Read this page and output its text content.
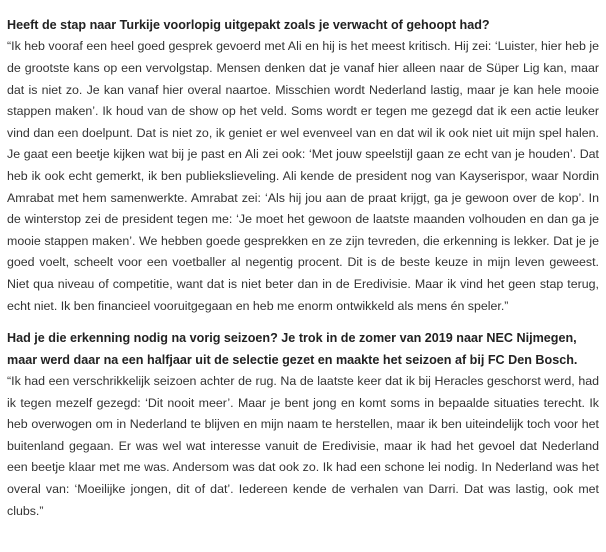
Heeft de stap naar Turkije voorlopig uitgepakt zoals je verwacht of gehoopt had?

“Ik heb vooraf een heel goed gesprek gevoerd met Ali en hij is het meest kritisch. Hij zei: ‘Luister, hier heb je de grootste kans op een vervolgstap. Mensen denken dat je vanaf hier alleen naar de Süper Lig kan, maar dat is niet zo. Je kan vanaf hier overal naartoe. Misschien wordt Nederland lastig, maar je kan hele mooie stappen maken’. Ik houd van de show op het veld. Soms wordt er tegen me gezegd dat ik een actie leuker vind dan een doelpunt. Dat is niet zo, ik geniet er wel evenveel van en dat wil ik ook niet uit mijn spel halen. Je gaat een beetje kijken wat bij je past en Ali zei ook: ‘Met jouw speelstijl gaan ze echt van je houden’. Dat heb ik ook echt gemerkt, ik ben publiekslieveling. Ali kende de president nog van Kayserispor, waar Nordin Amrabat met hem samenwerkte. Amrabat zei: ‘Als hij jou aan de praat krijgt, ga je gewoon over de kop’. In de winterstop zei de president tegen me: ‘Je moet het gewoon de laatste maanden volhouden en dan ga je mooie stappen maken’. We hebben goede gesprekken en ze zijn tevreden, die erkenning is lekker. Dat je je goed voelt, scheelt voor een voetballer al negentig procent. Dit is de beste keuze in mijn leven geweest. Niet qua niveau of competitie, want dat is niet beter dan in de Eredivisie. Maar ik vind het geen stap terug, echt niet. Ik ben financieel vooruitgegaan en heb me enorm ontwikkeld als mens én speler.”

Had je die erkenning nodig na vorig seizoen? Je trok in de zomer van 2019 naar NEC Nijmegen, maar werd daar na een halfjaar uit de selectie gezet en maakte het seizoen af bij FC Den Bosch.

“Ik had een verschrikkelijk seizoen achter de rug. Na de laatste keer dat ik bij Heracles geschorst werd, had ik tegen mezelf gezegd: ‘Dit nooit meer’. Maar je bent jong en komt soms in bepaalde situaties terecht. Ik heb overwogen om in Nederland te blijven en mijn naam te herstellen, maar ik ben uiteindelijk toch voor het buitenland gegaan. Er was wel wat interesse vanuit de Eredivisie, maar ik had het gevoel dat Nederland een beetje klaar met me was. Andersom was dat ook zo. Ik had een schone lei nodig. In Nederland was het overal van: ‘Moeilijke jongen, dit of dat’. Iedereen kende de verhalen van Darri. Dat was lastig, ook met clubs.”
